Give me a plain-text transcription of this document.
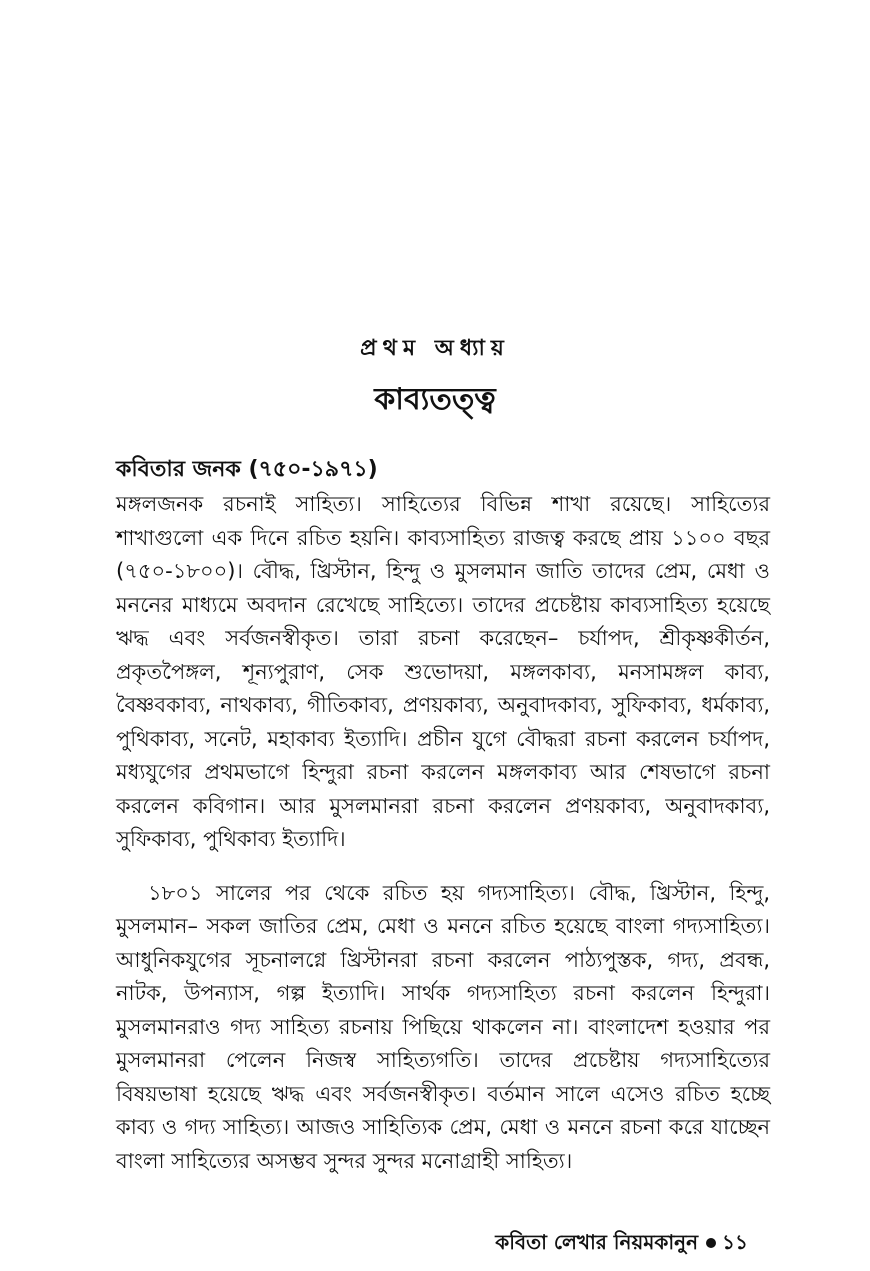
প্রথম অধ্যায়
কাব্যতত্ত্ব
কবিতার জনক (৭৫০-১৯৭১)

মঙ্গলজনক রচনাই সাহিত্য। সাহিত্যের বিভিন্ন শাখা রয়েছে। সাহিত্যের শাখাগুলো এক দিনে রচিত হয়নি। কাব্যসাহিত্য রাজত্ব করছে প্রায় ১১০০ বছর (৭৫০-১৮০০)। বৌদ্ধ, খ্রিস্টান, হিন্দু ও মুসলমান জাতি তাদের প্রেম, মেধা ও মননের মাধ্যমে অবদান রেখেছে সাহিত্যে। তাদের প্রচেষ্টায় কাব্যসাহিত্য হয়েছে ঋদ্ধ এবং সর্বজনস্বীকৃত। তারা রচনা করেছেন– চর্যাপদ, শ্রীকৃষ্ণকীর্তন, প্রকৃতপৈঙ্গল, শূন্যপুরাণ, সেক শুভোদয়া, মঙ্গলকাব্য, মনসামঙ্গল কাব্য, বৈষ্ণবকাব্য, নাথকাব্য, গীতিকাব্য, প্রণয়কাব্য, অনুবাদকাব্য, সুফিকাব্য, ধর্মকাব্য, পুথিকাব্য, সনেট, মহাকাব্য ইত্যাদি। প্রচীন যুগে বৌদ্ধরা রচনা করলেন চর্যাপদ, মধ্যযুগের প্রথমভাগে হিন্দুরা রচনা করলেন মঙ্গলকাব্য আর শেষভাগে রচনা করলেন কবিগান। আর মুসলমানরা রচনা করলেন প্রণয়কাব্য, অনুবাদকাব্য, সুফিকাব্য, পুথিকাব্য ইত্যাদি।

১৮০১ সালের পর থেকে রচিত হয় গদ্যসাহিত্য। বৌদ্ধ, খ্রিস্টান, হিন্দু, মুসলমান– সকল জাতির প্রেম, মেধা ও মননে রচিত হয়েছে বাংলা গদ্যসাহিত্য। আধুনিকযুগের সূচনালগ্নে খ্রিস্টানরা রচনা করলেন পাঠ্যপুস্তক, গদ্য, প্রবন্ধ, নাটক, উপন্যাস, গল্প ইত্যাদি। সার্থক গদ্যসাহিত্য রচনা করলেন হিন্দুরা। মুসলমানরাও গদ্য সাহিত্য রচনায় পিছিয়ে থাকলেন না। বাংলাদেশ হওয়ার পর মুসলমানরা পেলেন নিজস্ব সাহিত্যগতি। তাদের প্রচেষ্টায় গদ্যসাহিত্যের বিষয়ভাষা হয়েছে ঋদ্ধ এবং সর্বজনস্বীকৃত। বর্তমান সালে এসেও রচিত হচ্ছে কাব্য ও গদ্য সাহিত্য। আজও সাহিত্যিক প্রেম, মেধা ও মননে রচনা করে যাচ্ছেন বাংলা সাহিত্যের অসম্ভব সুন্দর সুন্দর মনোগ্রাহী সাহিত্য।

কবিতা লেখার নিয়মকানুন ১১
